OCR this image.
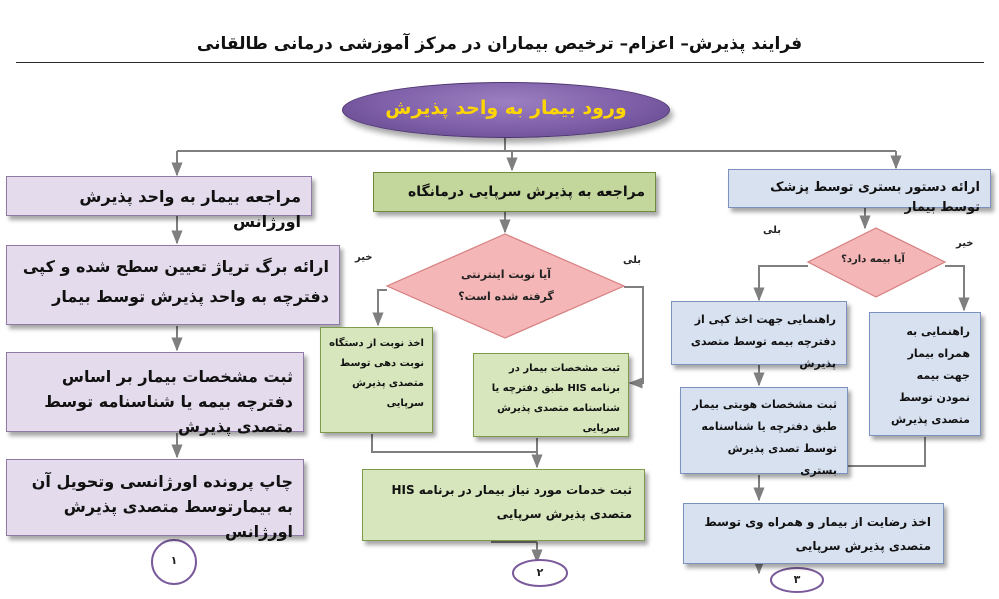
فرایند پذیرش– اعزام– ترخیص بیماران در مرکز آموزشی درمانی طالقانی
ورود بیمار به واحد پذیرش
مراجعه بیمار به واحد پذیرش اورژانس
ارائه برگ تریاژ تعیین سطح شده و کپی دفترچه به واحد پذیرش توسط بیمار
ثبت مشخصات بیمار بر اساس دفترچه بیمه یا شناسنامه توسط متصدی پذیرش
چاپ پرونده اورژانسی وتحویل آن به بیمارتوسط متصدی پذیرش اورژانس
مراجعه به پذیرش سرپایی درمانگاه
آیا نوبت اینترنتی گرفته شده است؟
خیر	بلی
اخذ نوبت از دستگاه نوبت دهی توسط متصدی پذیرش سرپایی
ثبت مشخصات بیمار در برنامه HIS طبق دفترچه یا شناسنامه متصدی پذیرش سرپایی
ثبت خدمات مورد نیاز بیمار در برنامه HIS متصدی پذیرش سرپایی
ارائه دستور بستری توسط پزشک توسط بیمار
آیا بیمه دارد؟
بلی
خیر
راهنمایی جهت اخذ کپی از دفترچه بیمه توسط متصدی پذیرش
راهنمایی به همراه بیمار جهت بیمه نمودن توسط متصدی پذیرش
ثبت مشخصات هویتی بیمار طبق دفترچه یا شناسنامه توسط تصدی پذیرش بستری
اخذ رضایت از بیمار و همراه وی توسط متصدی پذیرش سرپایی
۱
۲
۳
